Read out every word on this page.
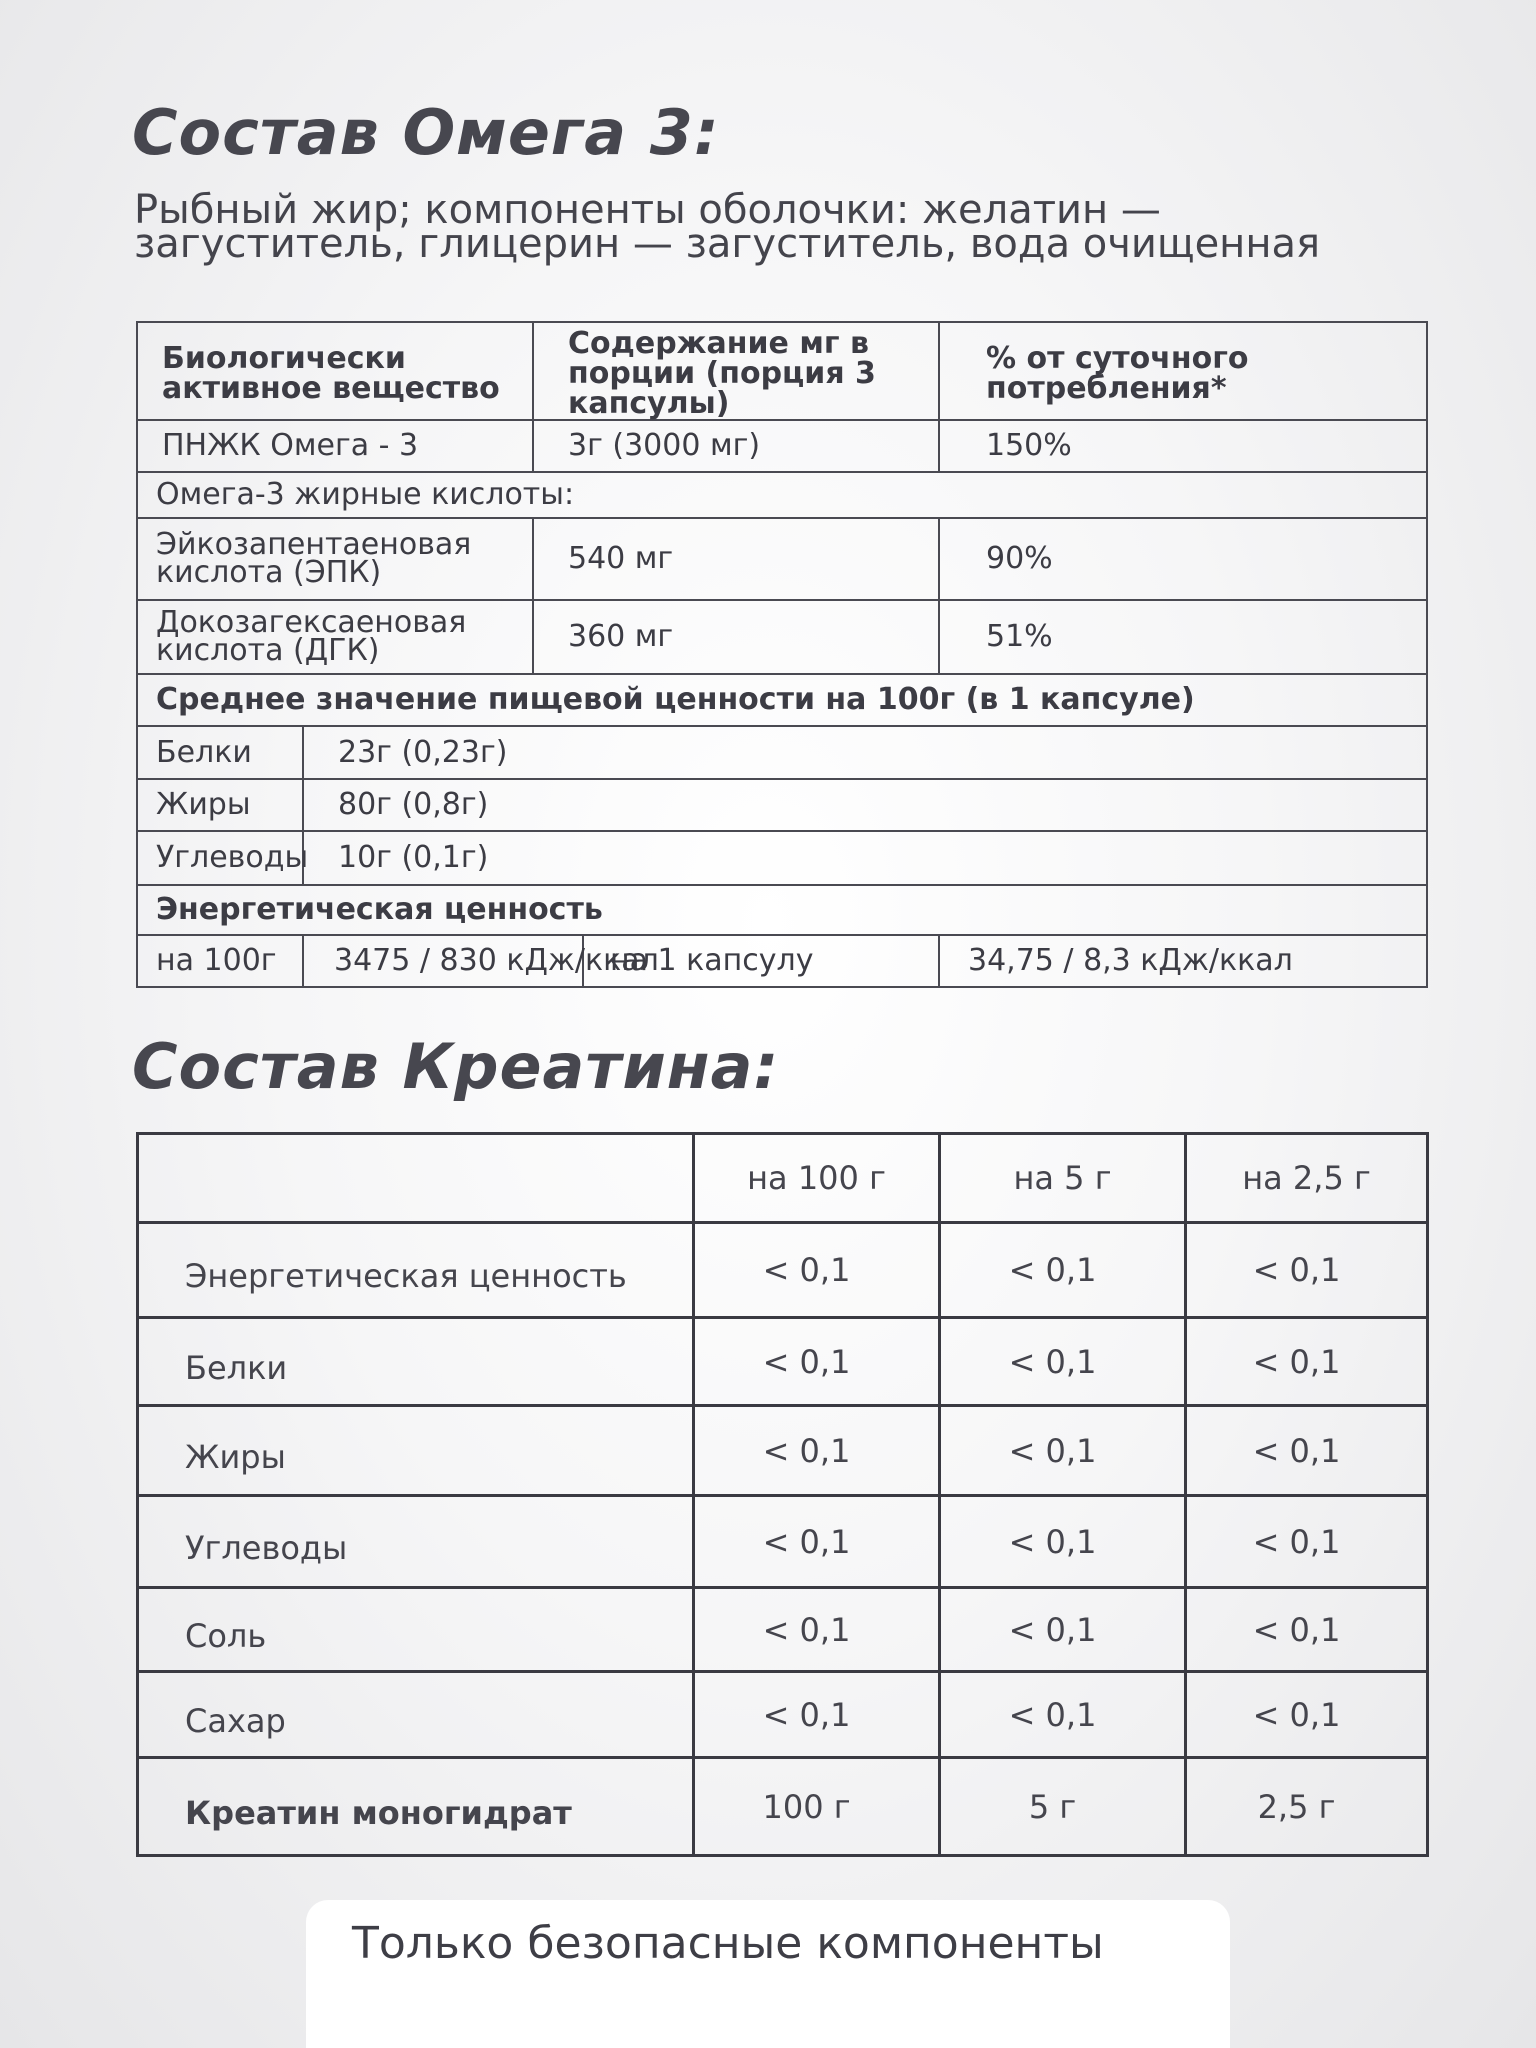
Состав Омега 3:

Рыбный жир; компоненты оболочки: желатин —
загуститель, глицерин — загуститель, вода очищенная

Биологически активное вещество		Содержание мг в порции (порция 3 капсулы)		% от суточного потребления*
ПНЖК Омега - 3		3г (3000 мг)		150%
Омега-3 жирные кислоты:				
Эйкозапентаеновая кислота (ЭПК)		540 мг		90%
Докозагексаеновая кислота (ДГК)		360 мг		51%
Среднее значение пищевой ценности на 100г (в 1 капсуле)				
Белки	23г (0,23г)			
Жиры	80г (0,8г)			
Углеводы	10г (0,1г)			
Энергетическая ценность				
на 100г	3475 / 830 кДж/ккал		на 1 капсулу	34,75 / 8,3 кДж/ккал
Состав Креатина:
	на 100 г	на 5 г	на 2,5 г
Энергетическая ценность	< 0,1	< 0,1	< 0,1
Белки	< 0,1	< 0,1	< 0,1
Жиры	< 0,1	< 0,1	< 0,1
Углеводы	< 0,1	< 0,1	< 0,1
Соль	< 0,1	< 0,1	< 0,1
Сахар	< 0,1	< 0,1	< 0,1
Креатин моногидрат	100 г	5 г	2,5 г
Только безопасные компоненты
